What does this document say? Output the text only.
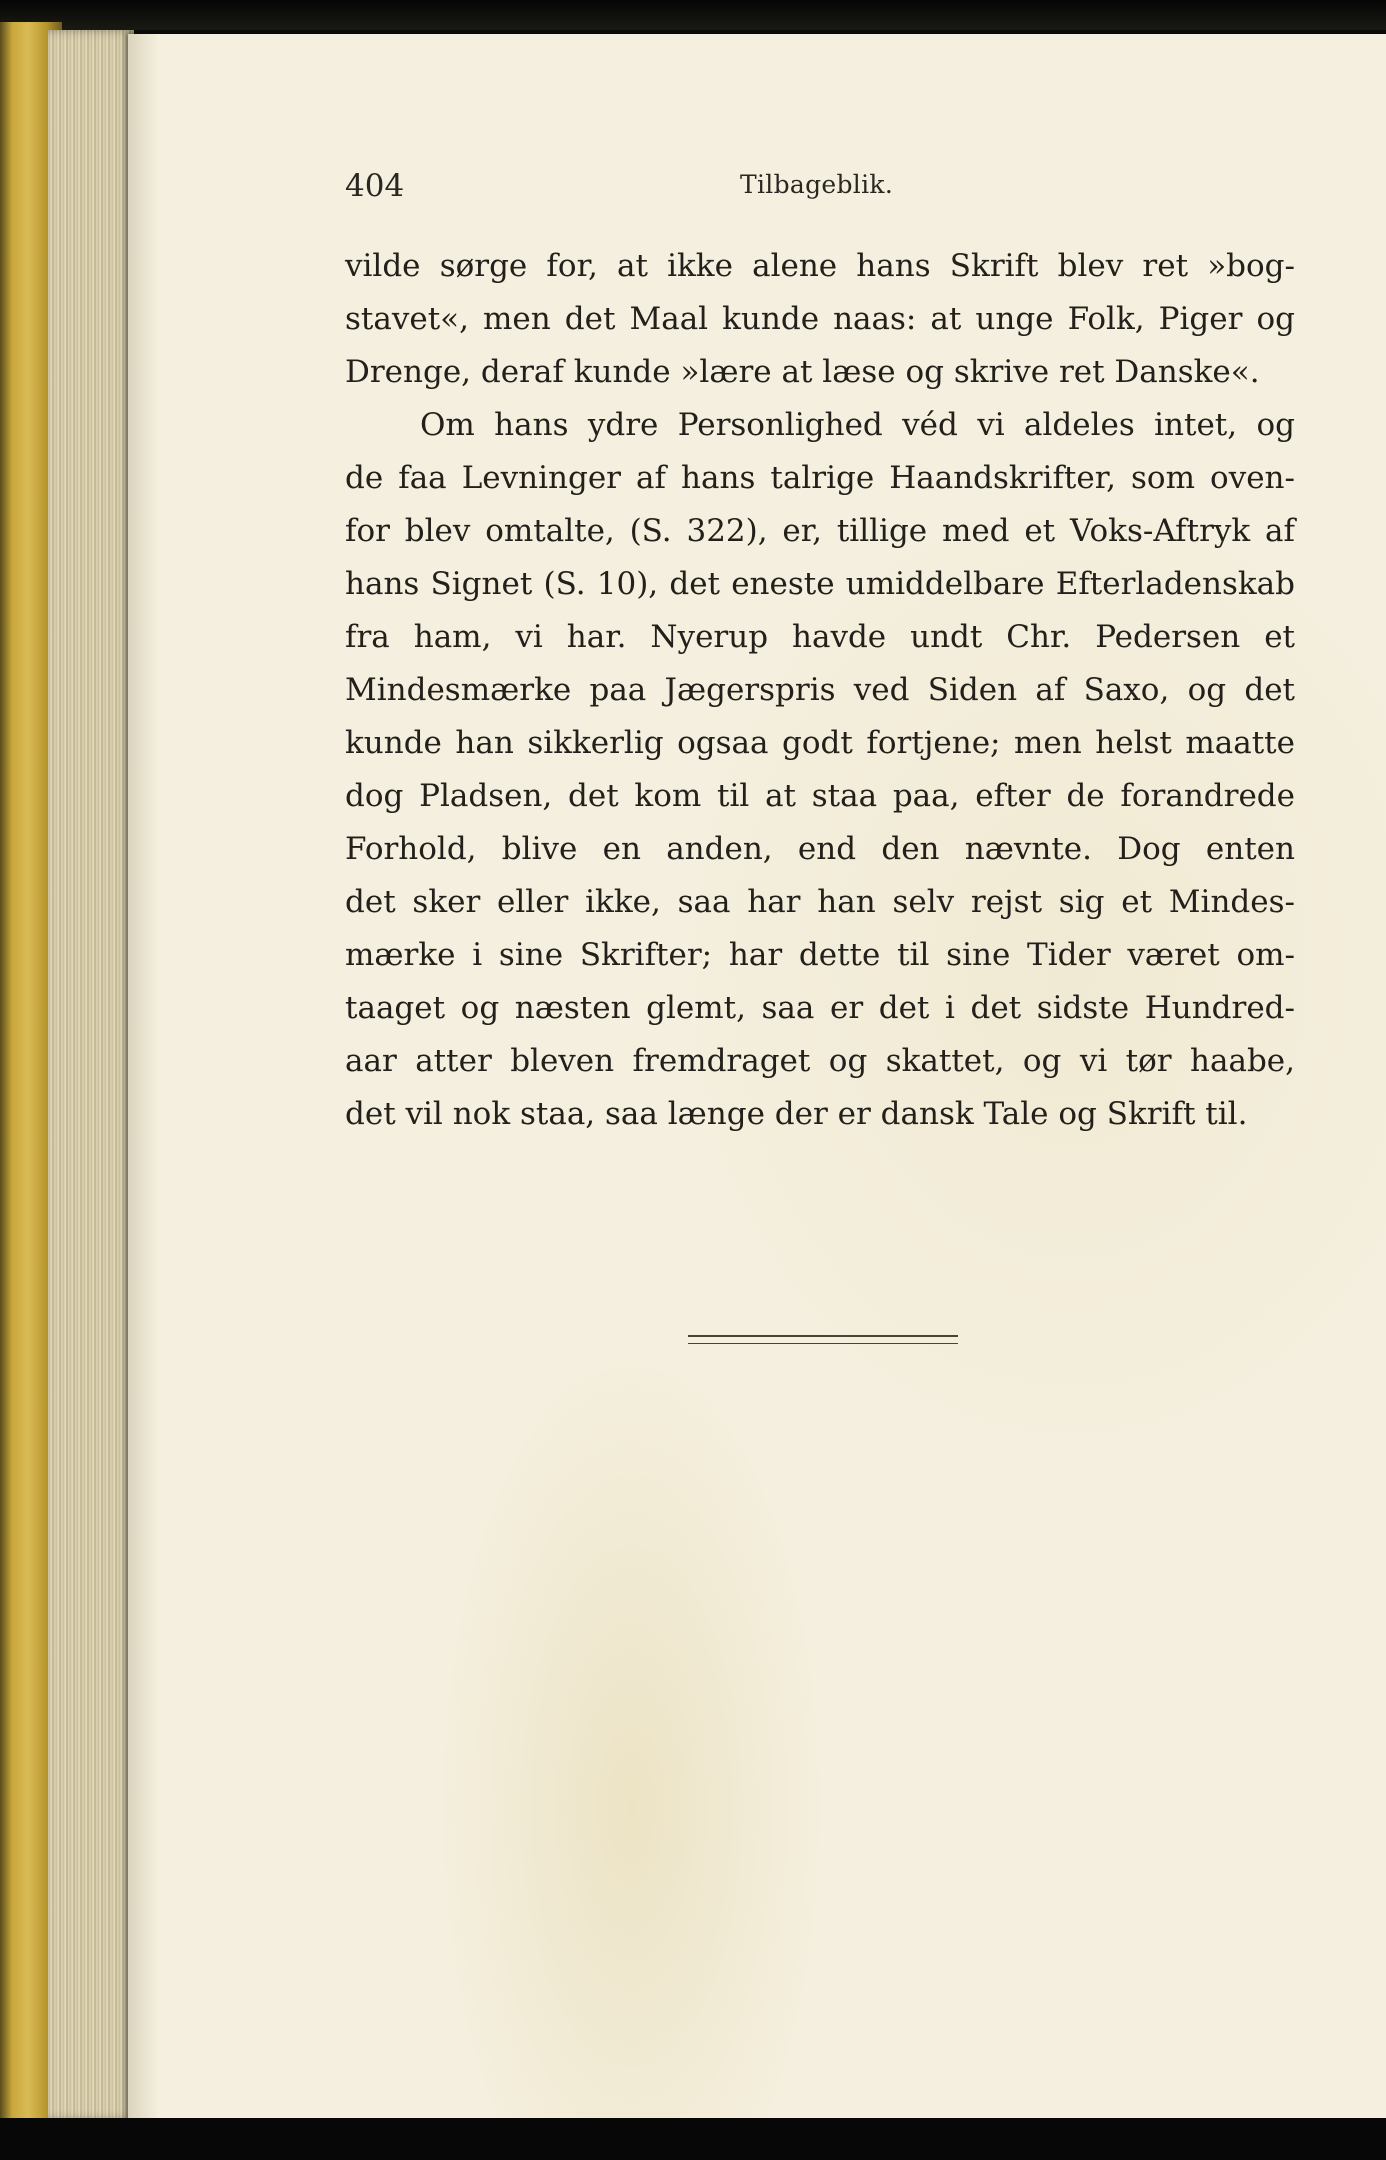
404	Tilbageblik.
vilde sørge for, at ikke alene hans Skrift blev ret »bog-
stavet«, men det Maal kunde naas: at unge Folk, Piger og
Drenge, deraf kunde »lære at læse og skrive ret Danske«.
Om hans ydre Personlighed véd vi aldeles intet, og
de faa Levninger af hans talrige Haandskrifter, som oven-
for blev omtalte, (S. 322), er, tillige med et Voks-Aftryk af
hans Signet (S. 10), det eneste umiddelbare Efterladenskab
fra ham, vi har. Nyerup havde undt Chr. Pedersen et
Mindesmærke paa Jægerspris ved Siden af Saxo, og det
kunde han sikkerlig ogsaa godt fortjene; men helst maatte
dog Pladsen, det kom til at staa paa, efter de forandrede
Forhold, blive en anden, end den nævnte. Dog enten
det sker eller ikke, saa har han selv rejst sig et Mindes-
mærke i sine Skrifter; har dette til sine Tider været om-
taaget og næsten glemt, saa er det i det sidste Hundred-
aar atter bleven fremdraget og skattet, og vi tør haabe,
det vil nok staa, saa længe der er dansk Tale og Skrift til.
